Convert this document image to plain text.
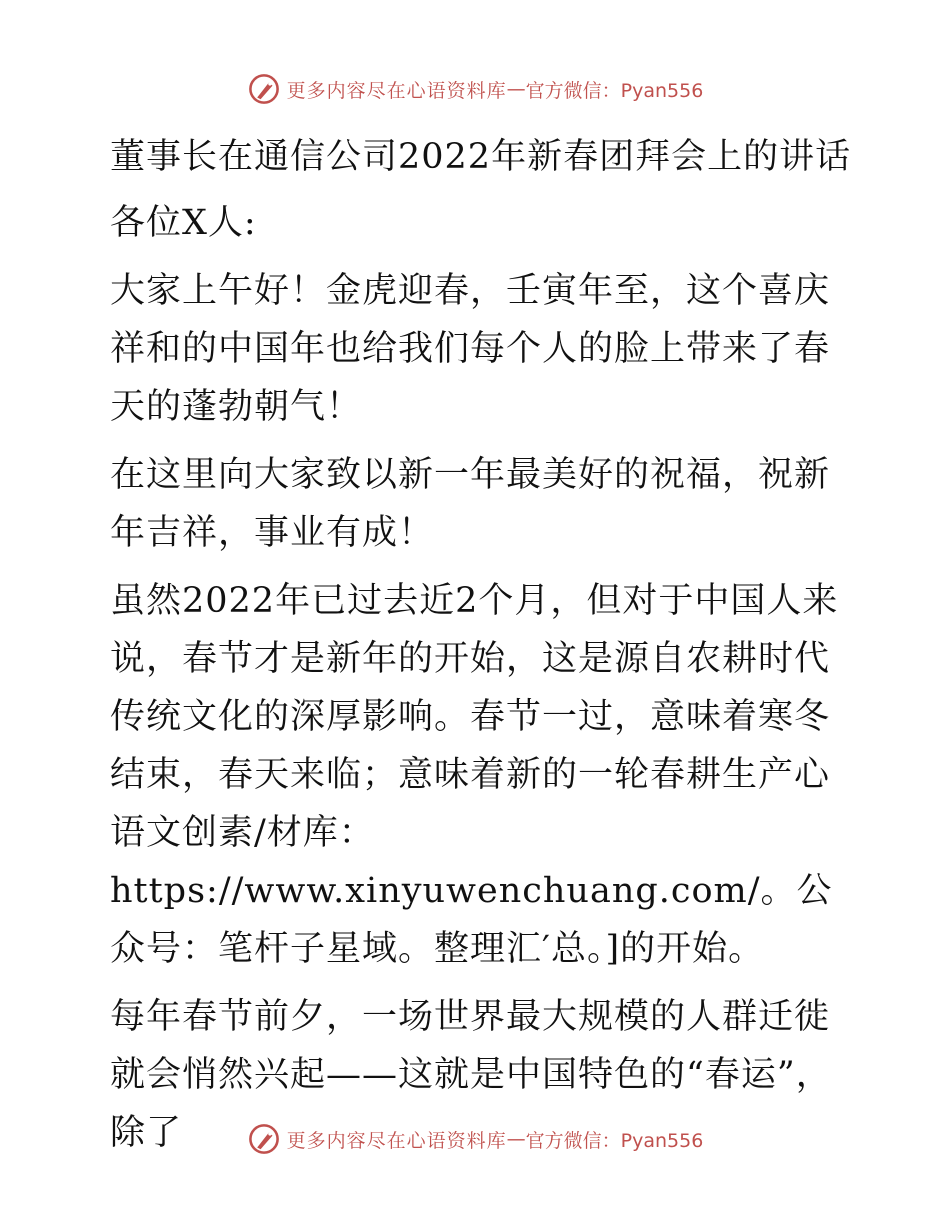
更多内容尽在心语资料库 — 官方微信：Pyan556

董事长在通信公司2022年新春团拜会上的讲话

各位X人:

大家上午好！金虎迎春，壬寅年至，这个喜庆祥和的中国年也给我们每个人的脸上带来了春天的蓬勃朝气！

在这里向大家致以新一年最美好的祝福，祝新年吉祥，事业有成！

虽然2022年已过去近2个月，但对于中国人来说，春节才是新年的开始，这是源自农耕时代传统文化的深厚影响。春节一过，意味着寒冬结束，春天来临；意味着新的一轮春耕生产心语文创素/材库：https://www.xinyuwenchuang.com/。公众号：笔杆子星域。整理汇′总。]的开始。

每年春节前夕，一场世界最大规模的人群迁徙就会悄然兴起——这就是中国特色的“春运”，除了	更多内容尽在心语资料库 — 官方微信：Pyan556
